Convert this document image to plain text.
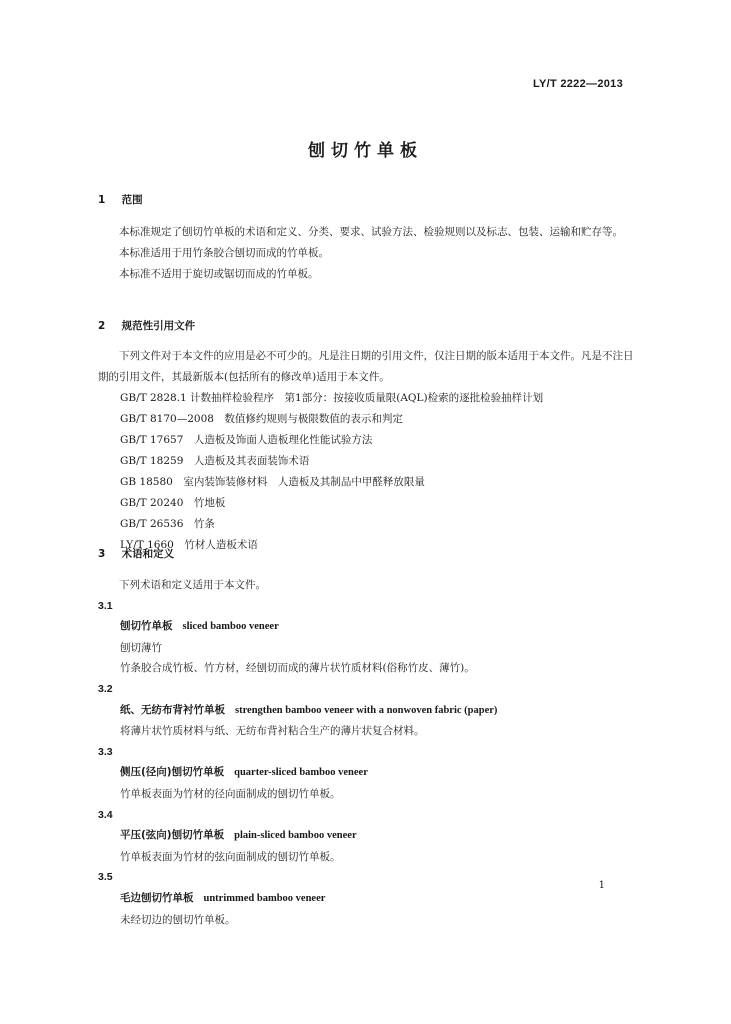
LY/T 2222—2013
刨切竹单板
1 范围

本标准规定了刨切竹单板的术语和定义、分类、要求、试验方法、检验规则以及标志、包装、运输和贮存等。

本标准适用于用竹条胶合刨切而成的竹单板。

本标准不适用于旋切或锯切而成的竹单板。

2 规范性引用文件

下列文件对于本文件的应用是必不可少的。凡是注日期的引用文件，仅注日期的版本适用于本文件。凡是不注日期的引用文件，其最新版本(包括所有的修改单)适用于本文件。

GB/T 2828.1 计数抽样检验程序　第1部分：按接收质量限(AQL)检索的逐批检验抽样计划

GB/T 8170—2008　数值修约规则与极限数值的表示和判定

GB/T 17657　人造板及饰面人造板理化性能试验方法

GB/T 18259　人造板及其表面装饰术语

GB 18580　室内装饰装修材料　人造板及其制品中甲醛释放限量

GB/T 20240　竹地板

GB/T 26536　竹条

LY/T 1660　竹材人造板术语

3 术语和定义

下列术语和定义适用于本文件。

3.1

刨切竹单板 sliced bamboo veneer

刨切薄竹

竹条胶合成竹板、竹方材，经刨切而成的薄片状竹质材料(俗称竹皮、薄竹)。

3.2

纸、无纺布背衬竹单板 strengthen bamboo veneer with a nonwoven fabric (paper)

将薄片状竹质材料与纸、无纺布背衬粘合生产的薄片状复合材料。

3.3

侧压(径向)刨切竹单板 quarter-sliced bamboo veneer

竹单板表面为竹材的径向面制成的刨切竹单板。

3.4

平压(弦向)刨切竹单板 plain-sliced bamboo veneer

竹单板表面为竹材的弦向面制成的刨切竹单板。

3.5

毛边刨切竹单板 untrimmed bamboo veneer

未经切边的刨切竹单板。

1
